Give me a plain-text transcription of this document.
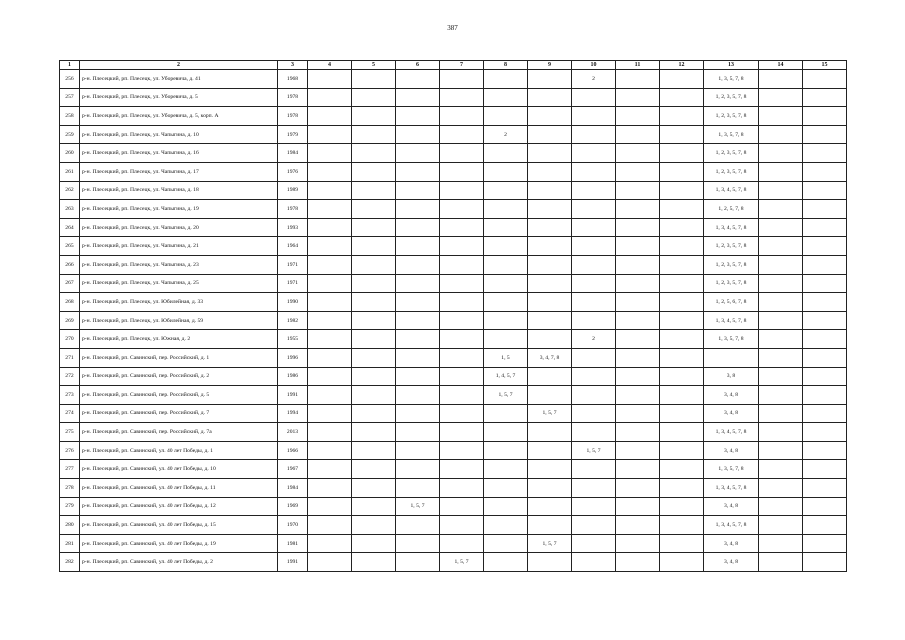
387
1	2	3	4	5	6	7	8	9	10	11	12	13	14	15
256	р-н. Плесецкий, рп. Плесецк, ул. Уборевича, д. 41	1968							2			1, 3, 5, 7, 8		
257	р-н. Плесецкий, рп. Плесецк, ул. Уборевича, д. 5	1978										1, 2, 3, 5, 7, 8		
258	р-н. Плесецкий, рп. Плесецк, ул. Уборевича, д. 5, корп. А	1978										1, 2, 3, 5, 7, 8		
259	р-н. Плесецкий, рп. Плесецк, ул. Чапыгина, д. 10	1979					2					1, 3, 5, 7, 8		
260	р-н. Плесецкий, рп. Плесецк, ул. Чапыгина, д. 16	1984										1, 2, 3, 5, 7, 8		
261	р-н. Плесецкий, рп. Плесецк, ул. Чапыгина, д. 17	1976										1, 2, 3, 5, 7, 8		
262	р-н. Плесецкий, рп. Плесецк, ул. Чапыгина, д. 18	1989										1, 3, 4, 5, 7, 8		
263	р-н. Плесецкий, рп. Плесецк, ул. Чапыгина, д. 19	1978										1, 2, 5, 7, 8		
264	р-н. Плесецкий, рп. Плесецк, ул. Чапыгина, д. 20	1993										1, 3, 4, 5, 7, 8		
265	р-н. Плесецкий, рп. Плесецк, ул. Чапыгина, д. 21	1964										1, 2, 3, 5, 7, 8		
266	р-н. Плесецкий, рп. Плесецк, ул. Чапыгина, д. 23	1971										1, 2, 3, 5, 7, 8		
267	р-н. Плесецкий, рп. Плесецк, ул. Чапыгина, д. 25	1971										1, 2, 3, 5, 7, 8		
268	р-н. Плесецкий, рп. Плесецк, ул. Юбилейная, д. 33	1990										1, 2, 5, 6, 7, 8		
269	р-н. Плесецкий, рп. Плесецк, ул. Юбилейная, д. 59	1982										1, 3, 4, 5, 7, 8		
270	р-н. Плесецкий, рп. Плесецк, ул. Южная, д. 2	1955							2			1, 3, 5, 7, 8		
271	р-н. Плесецкий, рп. Савинский, пер. Российский, д. 1	1996					1, 5	3, 4, 7, 8						
272	р-н. Плесецкий, рп. Савинский, пер. Российский, д. 2	1986					1, 4, 5, 7					3, 8		
273	р-н. Плесецкий, рп. Савинский, пер. Российский, д. 5	1991					1, 5, 7					3, 4, 8		
274	р-н. Плесецкий, рп. Савинский, пер. Российский, д. 7	1994						1, 5, 7				3, 4, 8		
275	р-н. Плесецкий, рп. Савинский, пер. Российский, д. 7а	2013										1, 3, 4, 5, 7, 8		
276	р-н. Плесецкий, рп. Савинский, ул. 40 лет Победы, д. 1	1966							1, 5, 7			3, 4, 8		
277	р-н. Плесецкий, рп. Савинский, ул. 40 лет Победы, д. 10	1967										1, 3, 5, 7, 8		
278	р-н. Плесецкий, рп. Савинский, ул. 40 лет Победы, д. 11	1984										1, 3, 4, 5, 7, 8		
279	р-н. Плесецкий, рп. Савинский, ул. 40 лет Победы, д. 12	1969			1, 5, 7							3, 4, 8		
280	р-н. Плесецкий, рп. Савинский, ул. 40 лет Победы, д. 15	1970										1, 3, 4, 5, 7, 8		
281	р-н. Плесецкий, рп. Савинский, ул. 40 лет Победы, д. 19	1981						1, 5, 7				3, 4, 8		
282	р-н. Плесецкий, рп. Савинский, ул. 40 лет Победы, д. 2	1991				1, 5, 7						3, 4, 8		
